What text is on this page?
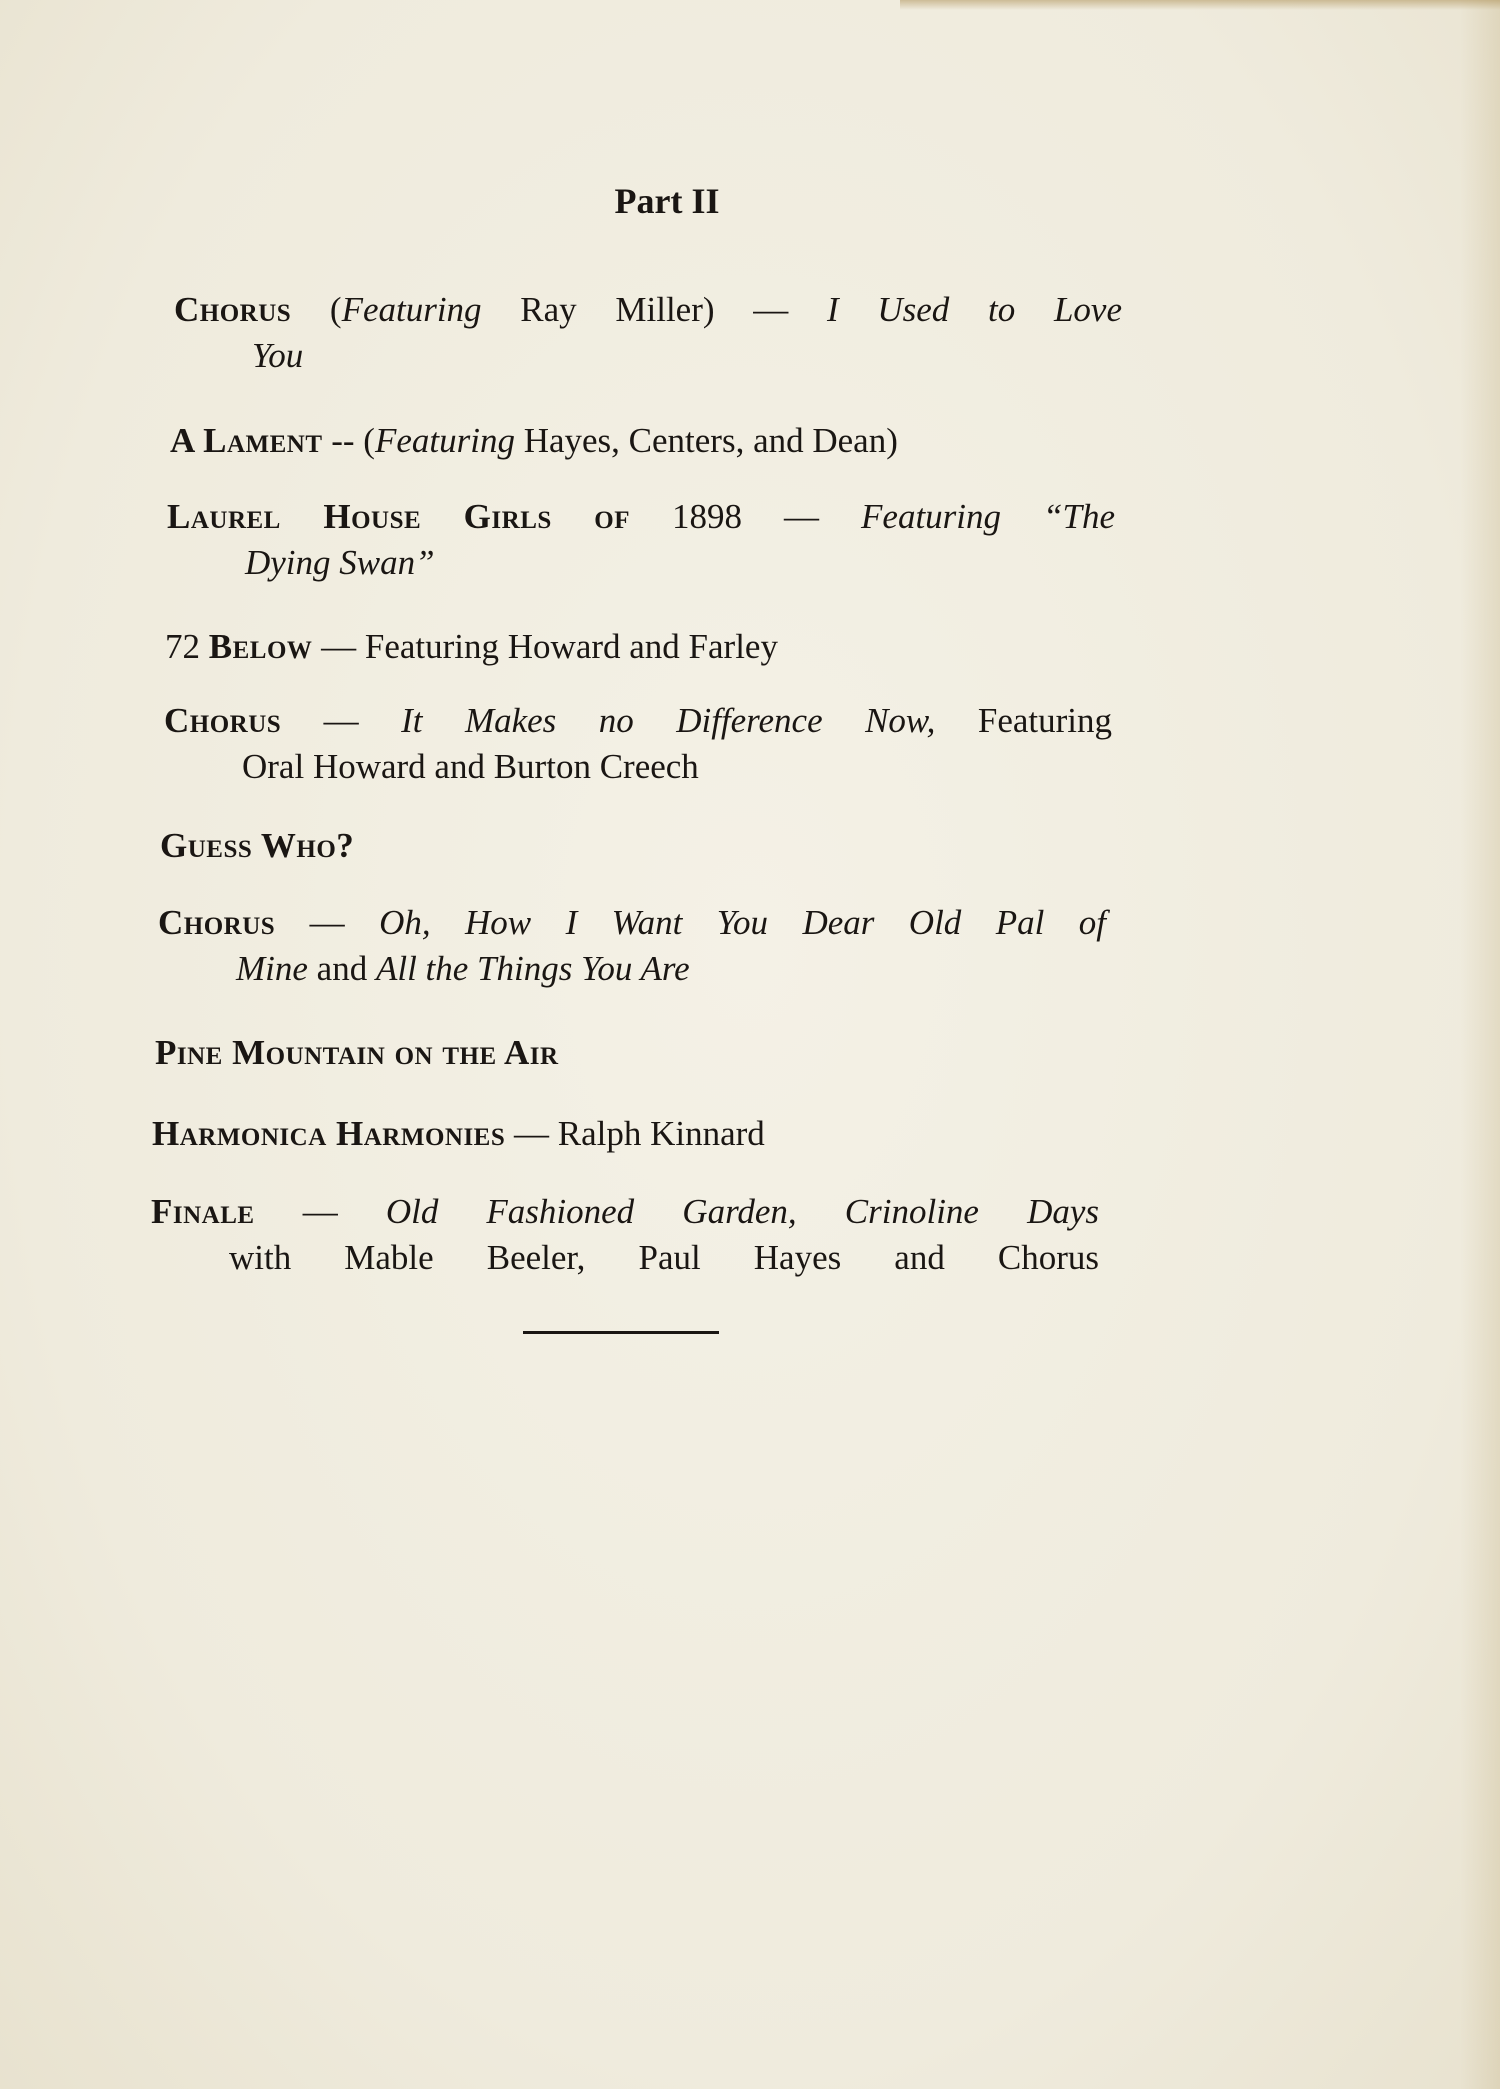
Part II
Chorus (Featuring Ray Miller) — I Used to Love
You
A Lament -- (Featuring Hayes, Centers, and Dean)
Laurel House Girls of 1898 — Featuring “The
Dying Swan”
72 Below — Featuring Howard and Farley
Chorus — It Makes no Difference Now, Featuring
Oral Howard and Burton Creech
Guess Who?
Chorus — Oh, How I Want You Dear Old Pal of
Mine and All the Things You Are
Pine Mountain on the Air
Harmonica Harmonies — Ralph Kinnard
Finale — Old Fashioned Garden, Crinoline Days
with Mable Beeler, Paul Hayes and Chorus
